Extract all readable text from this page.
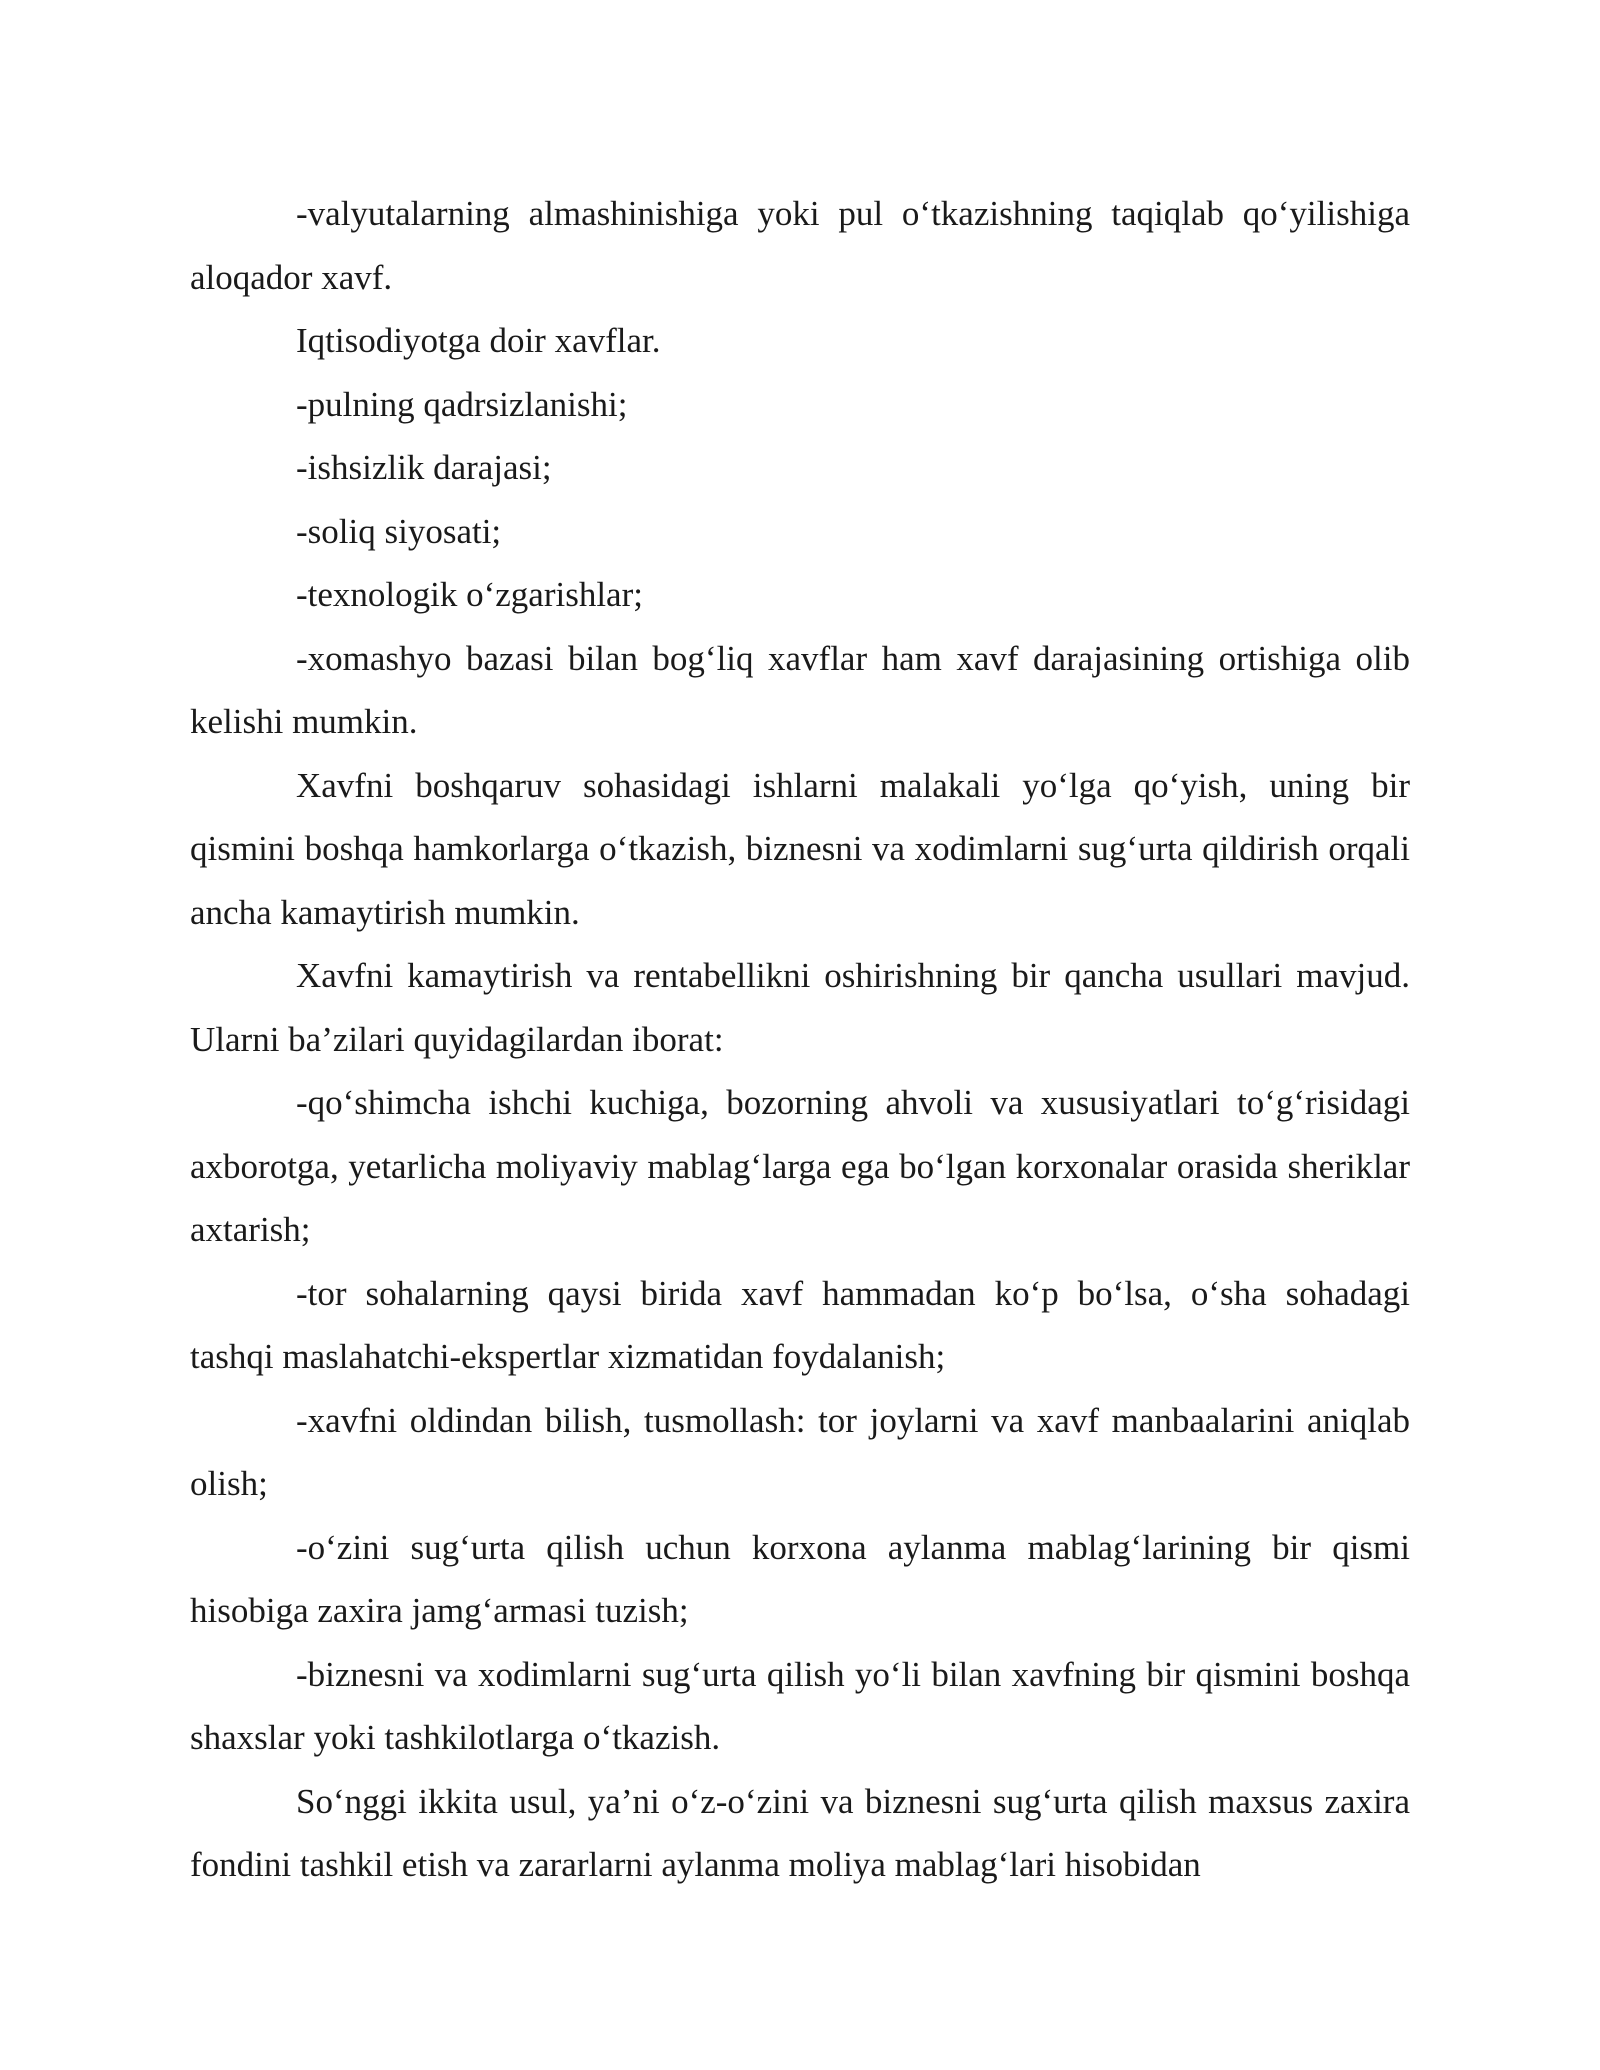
-valyutalarning almashinishiga yoki pul o‘tkazishning taqiqlab qo‘yilishiga aloqador xavf.

Iqtisodiyotga doir xavflar.

-pulning qadrsizlanishi;

-ishsizlik darajasi;

-soliq siyosati;

-texnologik o‘zgarishlar;

-xomashyo bazasi bilan bog‘liq xavflar ham xavf darajasining ortishiga olib kelishi mumkin.

Xavfni boshqaruv sohasidagi ishlarni malakali yo‘lga qo‘yish, uning bir qismini boshqa hamkorlarga o‘tkazish, biznesni va xodimlarni sug‘urta qildirish orqali ancha kamaytirish mumkin.

Xavfni kamaytirish va rentabellikni oshirishning bir qancha usullari mavjud. Ularni ba’zilari quyidagilardan iborat:

-qo‘shimcha ishchi kuchiga, bozorning ahvoli va xususiyatlari to‘g‘risidagi axborotga, yetarlicha moliyaviy mablag‘larga ega bo‘lgan korxonalar orasida sheriklar axtarish;

-tor sohalarning qaysi birida xavf hammadan ko‘p bo‘lsa, o‘sha sohadagi tashqi maslahatchi-ekspertlar xizmatidan foydalanish;

-xavfni oldindan bilish, tusmollash: tor joylarni va xavf manbaalarini aniqlab olish;

-o‘zini sug‘urta qilish uchun korxona aylanma mablag‘larining bir qismi hisobiga zaxira jamg‘armasi tuzish;

-biznesni va xodimlarni sug‘urta qilish yo‘li bilan xavfning bir qismini boshqa shaxslar yoki tashkilotlarga o‘tkazish.

So‘nggi ikkita usul, ya’ni o‘z-o‘zini va biznesni sug‘urta qilish maxsus zaxira fondini tashkil etish va zararlarni aylanma moliya mablag‘lari hisobidan
